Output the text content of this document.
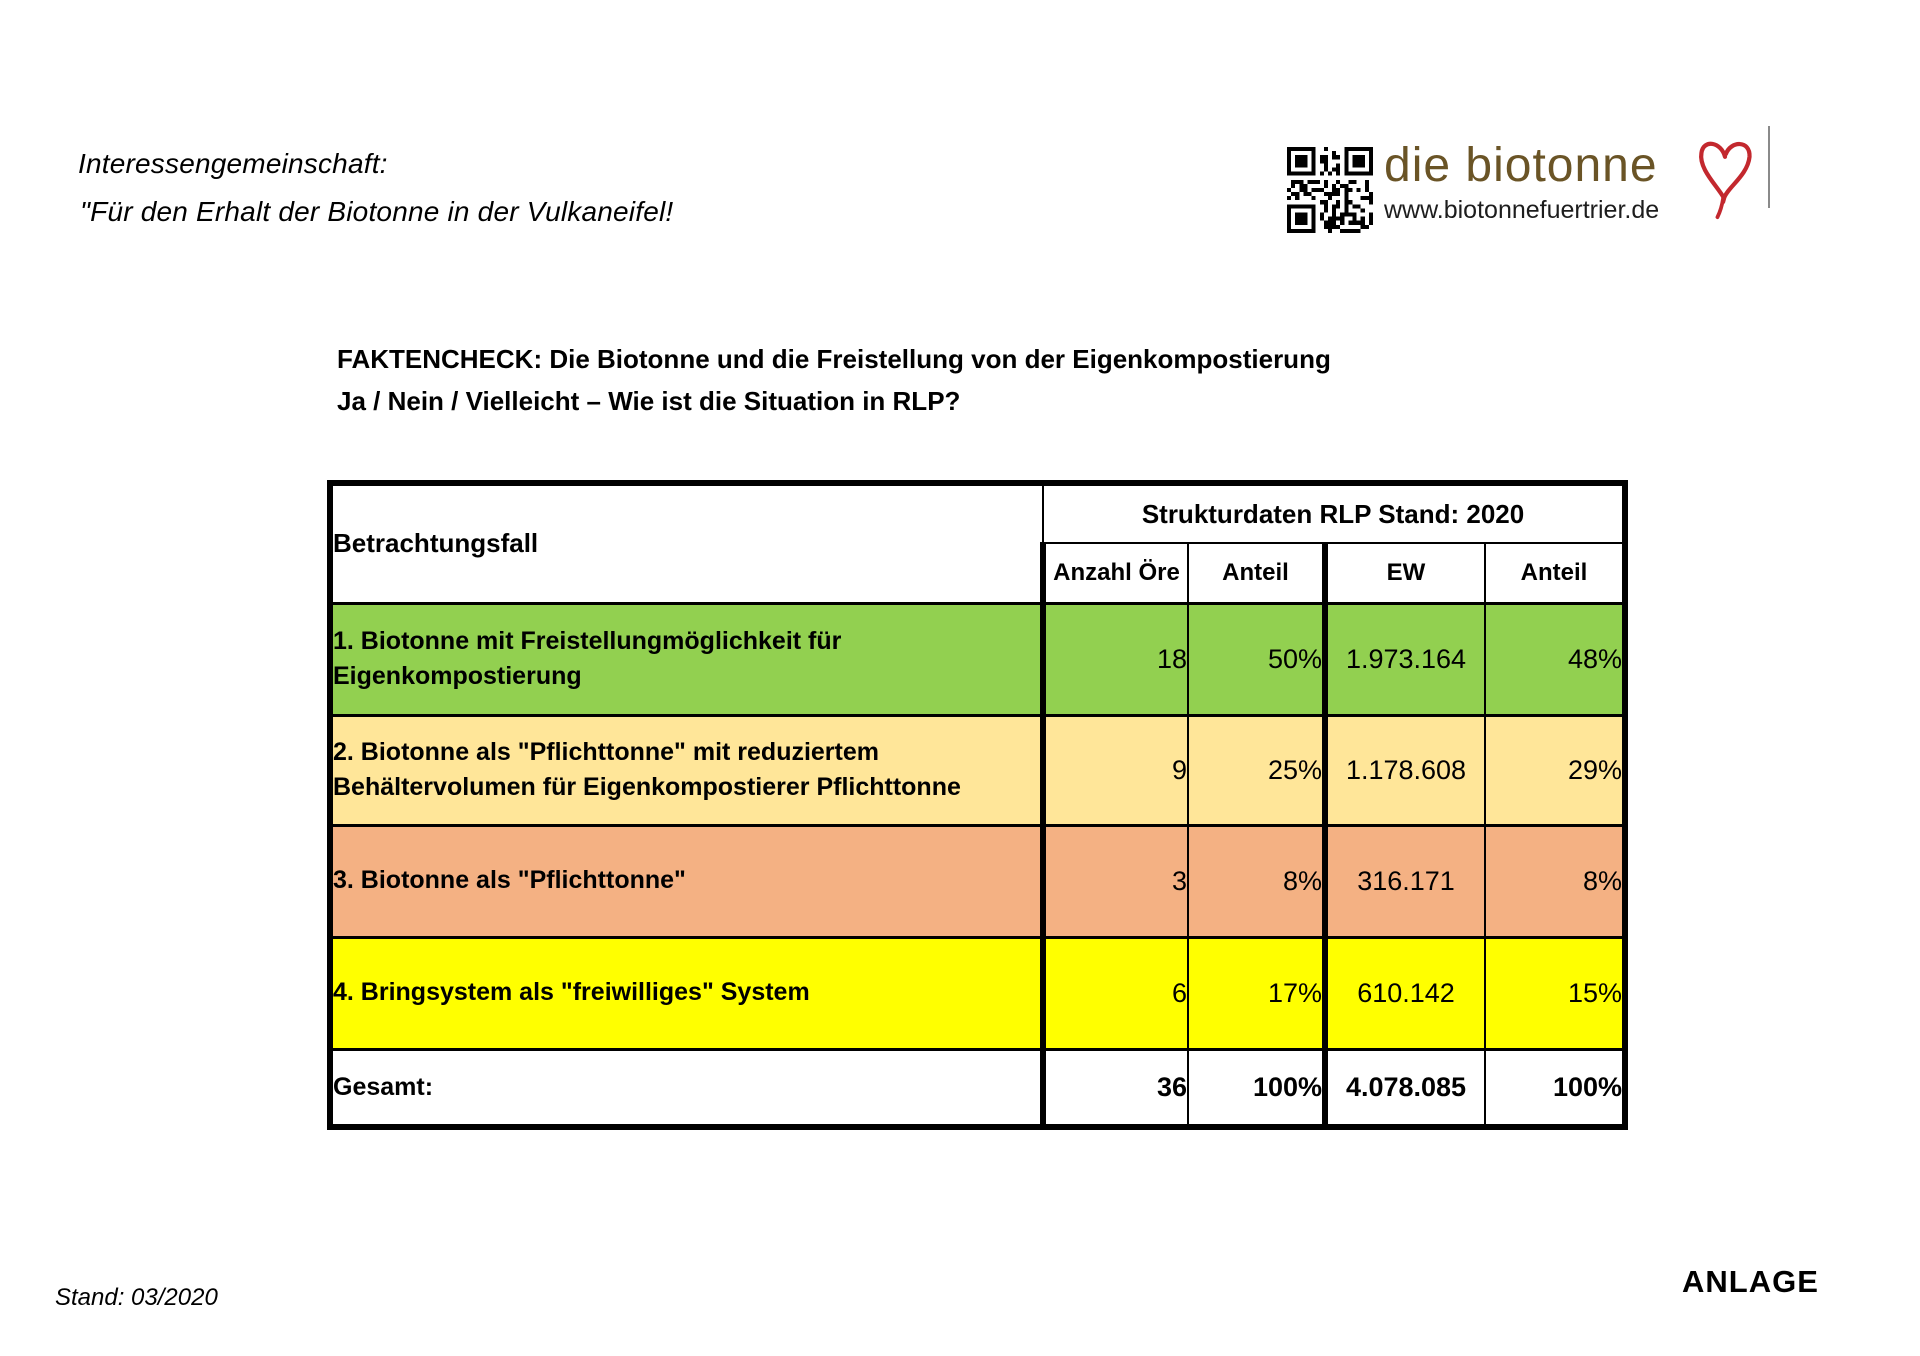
Interessengemeinschaft:
"Für den Erhalt der Biotonne in der Vulkaneifel!
die biotonne
www.biotonnefuertrier.de
FAKTENCHECK: Die Biotonne und die Freistellung von der Eigenkompostierung
Ja / Nein / Vielleicht – Wie ist die Situation in RLP?
Betrachtungsfall	Strukturdaten RLP Stand: 2020			
	Anzahl Öre	Anteil	EW	Anteil
1. Biotonne mit Freistellungmöglichkeit für Eigenkompostierung	18	50%	1.973.164	48%
2. Biotonne als "Pflichttonne" mit reduziertem Behältervolumen für Eigenkompostierer Pflichttonne	9	25%	1.178.608	29%
3. Biotonne als "Pflichttonne"	3	8%	316.171	8%
4. Bringsystem als "freiwilliges" System	6	17%	610.142	15%
Gesamt:	36	100%	4.078.085	100%
Stand: 03/2020	ANLAGE
